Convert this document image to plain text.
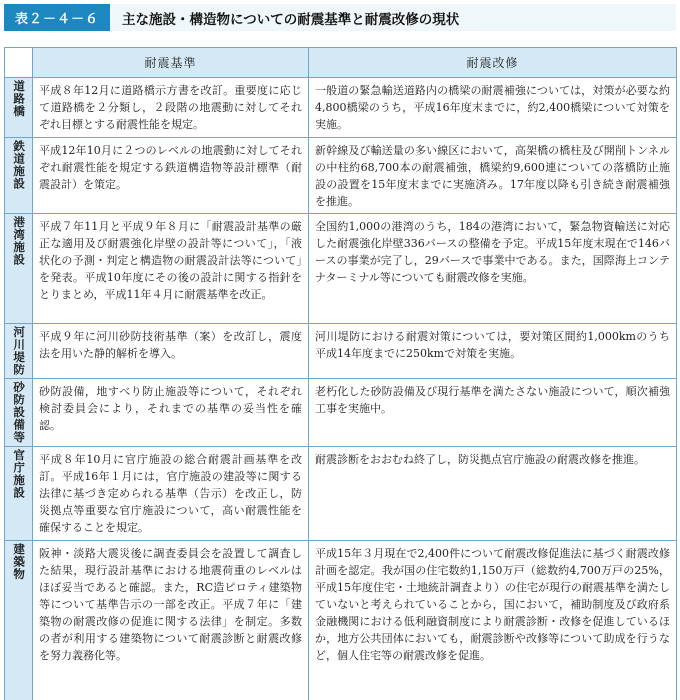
表２－４－６	主な施設・構造物についての耐震基準と耐震改修の現状
	耐震基準	耐震改修

道路橋	平成８年12月に道路橋示方書を改訂。重要度に応じて道路橋を２分類し，２段階の地震動に対してそれぞれ目標とする耐震性能を規定。	一般道の緊急輸送道路内の橋梁の耐震補強については，対策が必要な約4,800橋梁のうち，平成16年度末までに，約2,400橋梁について対策を実施。

鉄道施設	平成12年10月に２つのレベルの地震動に対してそれぞれ耐震性能を規定する鉄道構造物等設計標準（耐震設計）を策定。	新幹線及び輸送量の多い線区において，高架橋の橋柱及び開削トンネルの中柱約68,700本の耐震補強，橋梁約9,600連についての落橋防止施設の設置を15年度末までに実施済み。17年度以降も引き続き耐震補強を推進。

港湾施設	平成７年11月と平成９年８月に「耐震設計基準の厳正な適用及び耐震強化岸壁の設計等について」，「液状化の予測・判定と構造物の耐震設計法等について」を発表。平成10年度にその後の設計に関する指針をとりまとめ，平成11年４月に耐震基準を改正。	全国約1,000の港湾のうち，184の港湾において，緊急物資輸送に対応した耐震強化岸壁336バースの整備を予定。平成15年度末現在で146バースの事業が完了し，29バースで事業中である。また，国際海上コンテナターミナル等についても耐震改修を実施。

河川堤防	平成９年に河川砂防技術基準（案）を改訂し，震度法を用いた静的解析を導入。	河川堤防における耐震対策については，要対策区間約1,000kmのうち平成14年度までに250kmで対策を実施。

砂防設備等	砂防設備，地すべり防止施設等について，それぞれ検討委員会により，それまでの基準の妥当性を確認。	老朽化した砂防設備及び現行基準を満たさない施設について，順次補強工事を実施中。

官庁施設	平成８年10月に官庁施設の総合耐震計画基準を改訂。平成16年１月には，官庁施設の建設等に関する法律に基づき定められる基準（告示）を改正し，防災拠点等重要な官庁施設について，高い耐震性能を確保することを規定。	耐震診断をおおむね終了し，防災拠点官庁施設の耐震改修を推進。

建築物	阪神・淡路大震災後に調査委員会を設置して調査した結果，現行設計基準における地震荷重のレベルはほぼ妥当であると確認。また，RC造ピロティ建築物等について基準告示の一部を改正。平成７年に「建築物の耐震改修の促進に関する法律」を制定。多数の者が利用する建築物について耐震診断と耐震改修を努力義務化等。	平成15年３月現在で2,400件について耐震改修促進法に基づく耐震改修計画を認定。我が国の住宅数約1,150万戸（総数約4,700万戸の25%，平成15年度住宅・土地統計調査より）の住宅が現行の耐震基準を満たしていないと考えられていることから，国において，補助制度及び政府系金融機関における低利融資制度により耐震診断・改修を促進しているほか，地方公共団体においても，耐震診断や改修等について助成を行うなど，個人住宅等の耐震改修を促進。
